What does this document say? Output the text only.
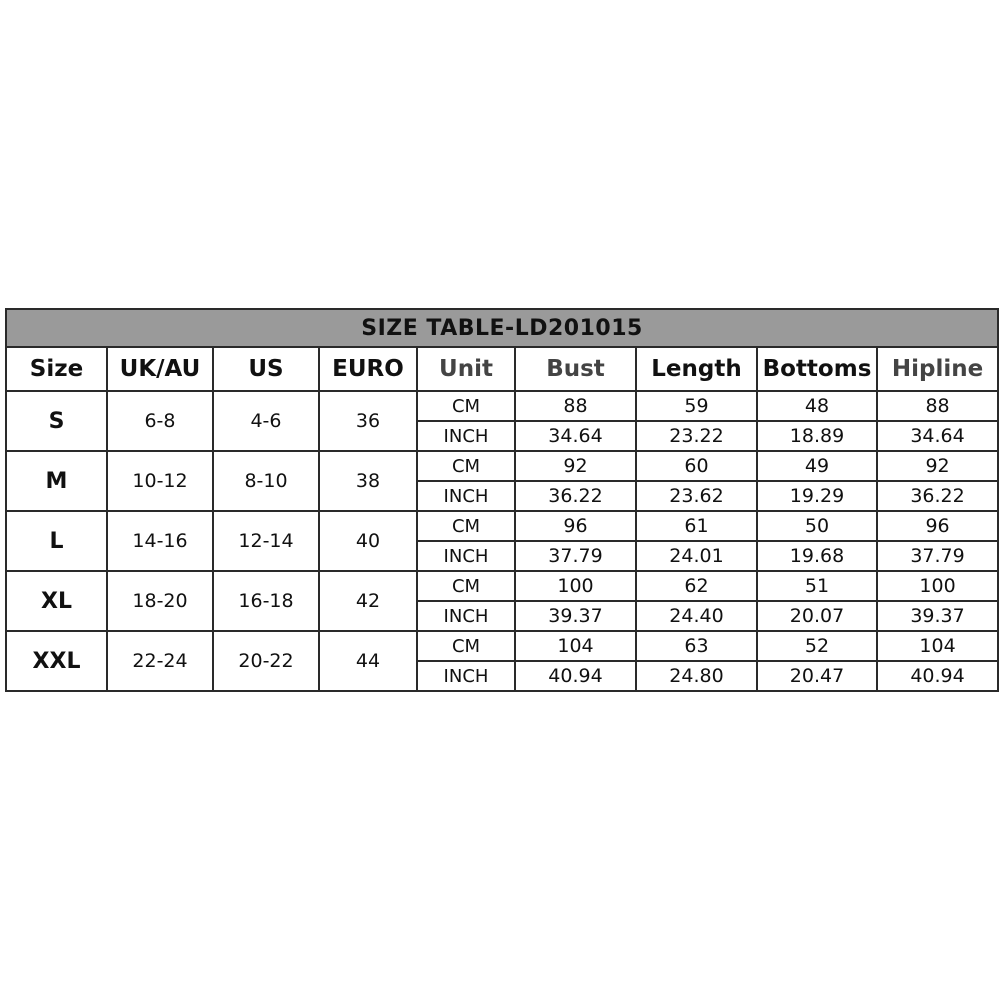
SIZE TABLE-LD201015								
Size	UK/AU	US	EURO	Unit	Bust	Length	Bottoms	Hipline
S	6-8	4-6	36	CM	88	59	48	88
				INCH	34.64	23.22	18.89	34.64
M	10-12	8-10	38	CM	92	60	49	92
				INCH	36.22	23.62	19.29	36.22
L	14-16	12-14	40	CM	96	61	50	96
				INCH	37.79	24.01	19.68	37.79
XL	18-20	16-18	42	CM	100	62	51	100
				INCH	39.37	24.40	20.07	39.37
XXL	22-24	20-22	44	CM	104	63	52	104
				INCH	40.94	24.80	20.47	40.94
